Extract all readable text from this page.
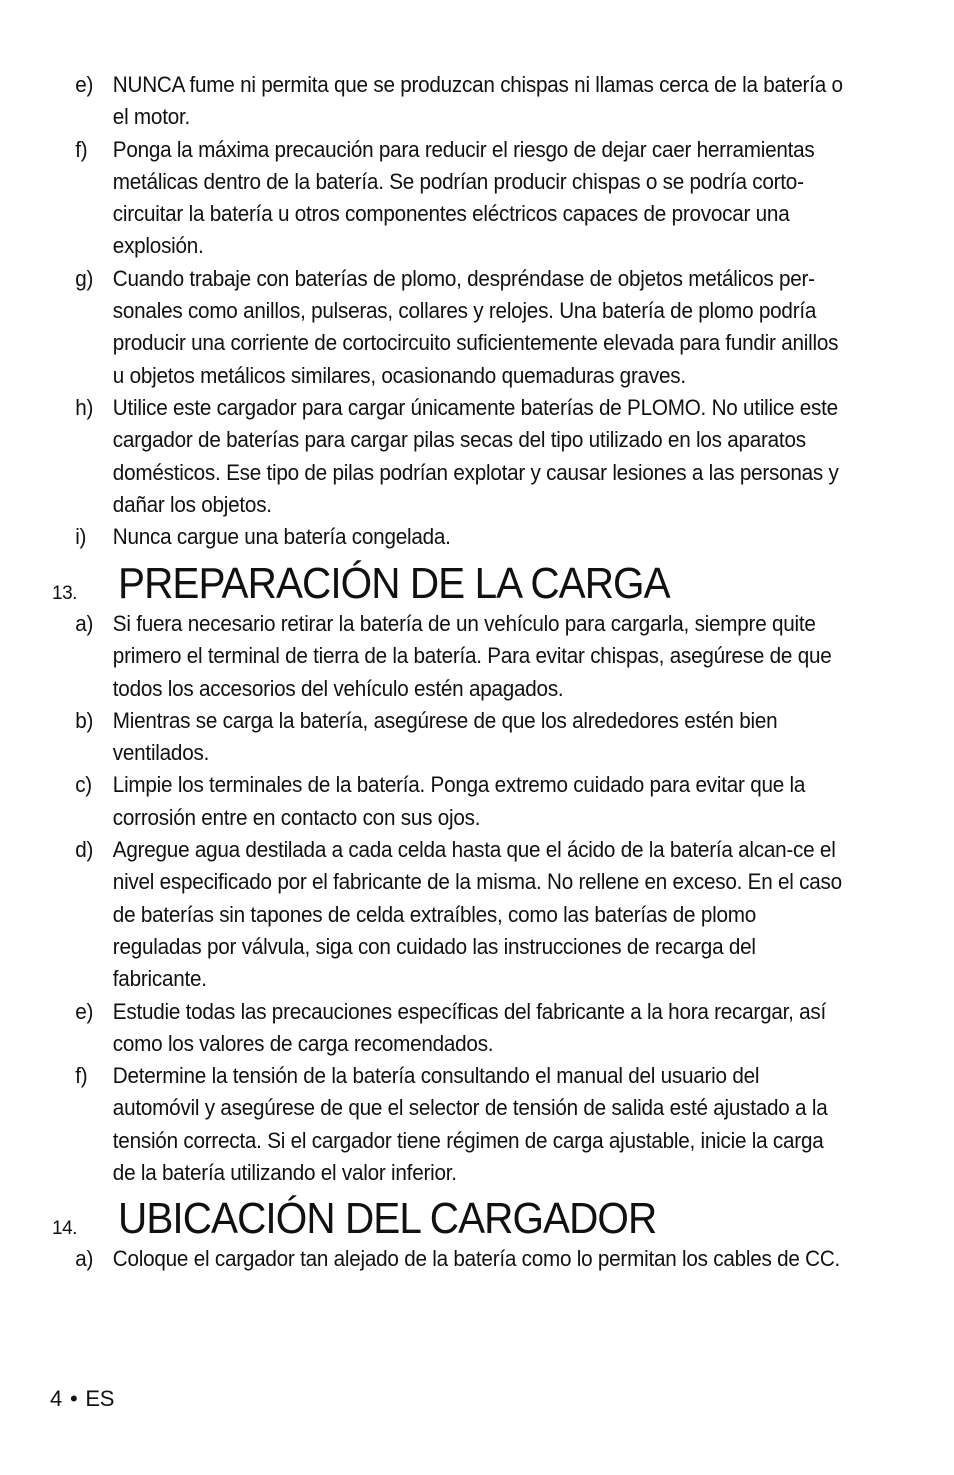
e) NUNCA fume ni permita que se produzcan chispas ni llamas cerca de la batería o el motor.
f)	Ponga la máxima precaución para reducir el riesgo de dejar caer herramientas metálicas dentro de la batería. Se podrían producir chispas o se podría corto-circuitar la batería u otros componentes eléctricos capaces de provocar una explosión.
g) Cuando trabaje con baterías de plomo, despréndase de objetos metálicos per-sonales como anillos, pulseras, collares y relojes. Una batería de plomo podría producir una corriente de cortocircuito suficientemente elevada para fundir anillos u objetos metálicos similares, ocasionando quemaduras graves.
h) Utilice este cargador para cargar únicamente baterías de PLOMO. No utilice este cargador de baterías para cargar pilas secas del tipo utilizado en los aparatos domésticos. Ese tipo de pilas podrían explotar y causar lesiones a las personas y dañar los objetos.
i)	Nunca cargue una batería congelada.
13. PREPARACIÓN DE LA CARGA
a) Si fuera necesario retirar la batería de un vehículo para cargarla, siempre quite primero el terminal de tierra de la batería. Para evitar chispas, asegúrese de que todos los accesorios del vehículo estén apagados.
b) Mientras se carga la batería, asegúrese de que los alrededores estén bien ventilados.
c) Limpie los terminales de la batería. Ponga extremo cuidado para evitar que la corrosión entre en contacto con sus ojos.
d) Agregue agua destilada a cada celda hasta que el ácido de la batería alcan-ce el nivel especificado por el fabricante de la misma. No rellene en exceso. En el caso de baterías sin tapones de celda extraíbles, como las baterías de plomo reguladas por válvula, siga con cuidado las instrucciones de recarga del fabricante.
e) Estudie todas las precauciones específicas del fabricante a la hora recargar, así como los valores de carga recomendados.
f)	Determine la tensión de la batería consultando el manual del usuario del automóvil y asegúrese de que el selector de tensión de salida esté ajustado a la tensión correcta. Si el cargador tiene régimen de carga ajustable, inicie la carga de la batería utilizando el valor inferior.
14. UBICACIÓN DEL CARGADOR
a) Coloque el cargador tan alejado de la batería como lo permitan los cables de CC.
4 • ES
